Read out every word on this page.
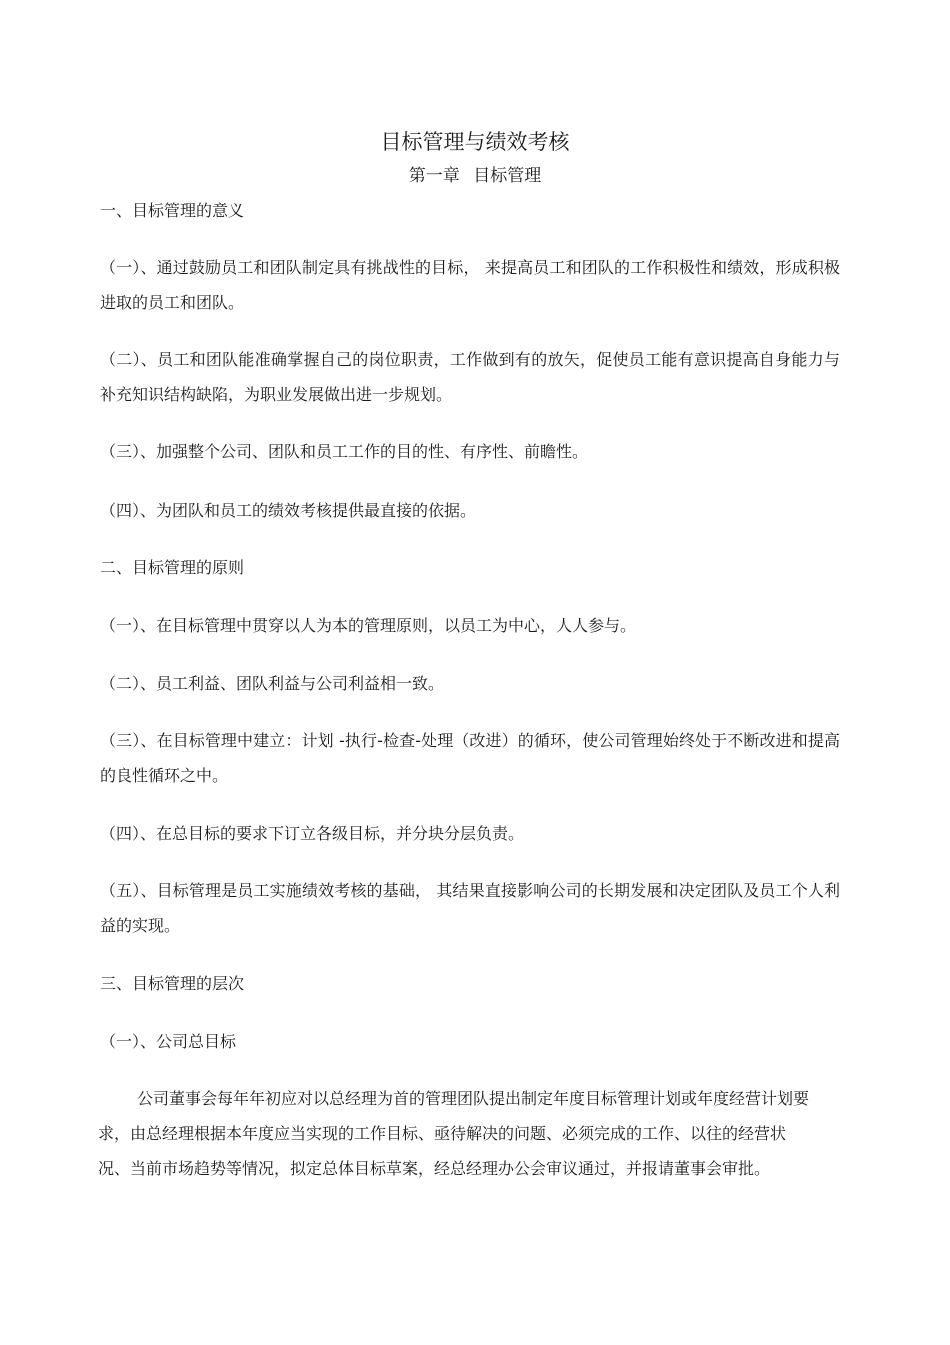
目标管理与绩效考核
第一章 目标管理
一、目标管理的意义
（一）、通过鼓励员工和团队制定具有挑战性的目标， 来提高员工和团队的工作积极性和绩效，形成积极进取的员工和团队。
（二）、员工和团队能准确掌握自己的岗位职责，工作做到有的放矢，促使员工能有意识提高自身能力与补充知识结构缺陷，为职业发展做出进一步规划。
（三）、加强整个公司、团队和员工工作的目的性、有序性、前瞻性。
（四）、为团队和员工的绩效考核提供最直接的依据。
二、目标管理的原则
（一）、在目标管理中贯穿以人为本的管理原则，以员工为中心，人人参与。
（二）、员工利益、团队利益与公司利益相一致。
（三）、在目标管理中建立：计划 -执行-检查-处理（改进）的循环，使公司管理始终处于不断改进和提高的良性循环之中。
（四）、在总目标的要求下订立各级目标，并分块分层负责。
（五）、目标管理是员工实施绩效考核的基础， 其结果直接影响公司的长期发展和决定团队及员工个人利益的实现。
三、目标管理的层次
（一）、公司总目标
公司董事会每年年初应对以总经理为首的管理团队提出制定年度目标管理计划或年度经营计划要求，由总经理根据本年度应当实现的工作目标、亟待解决的问题、必须完成的工作、以往的经营状况、当前市场趋势等情况，拟定总体目标草案，经总经理办公会审议通过，并报请董事会审批。
